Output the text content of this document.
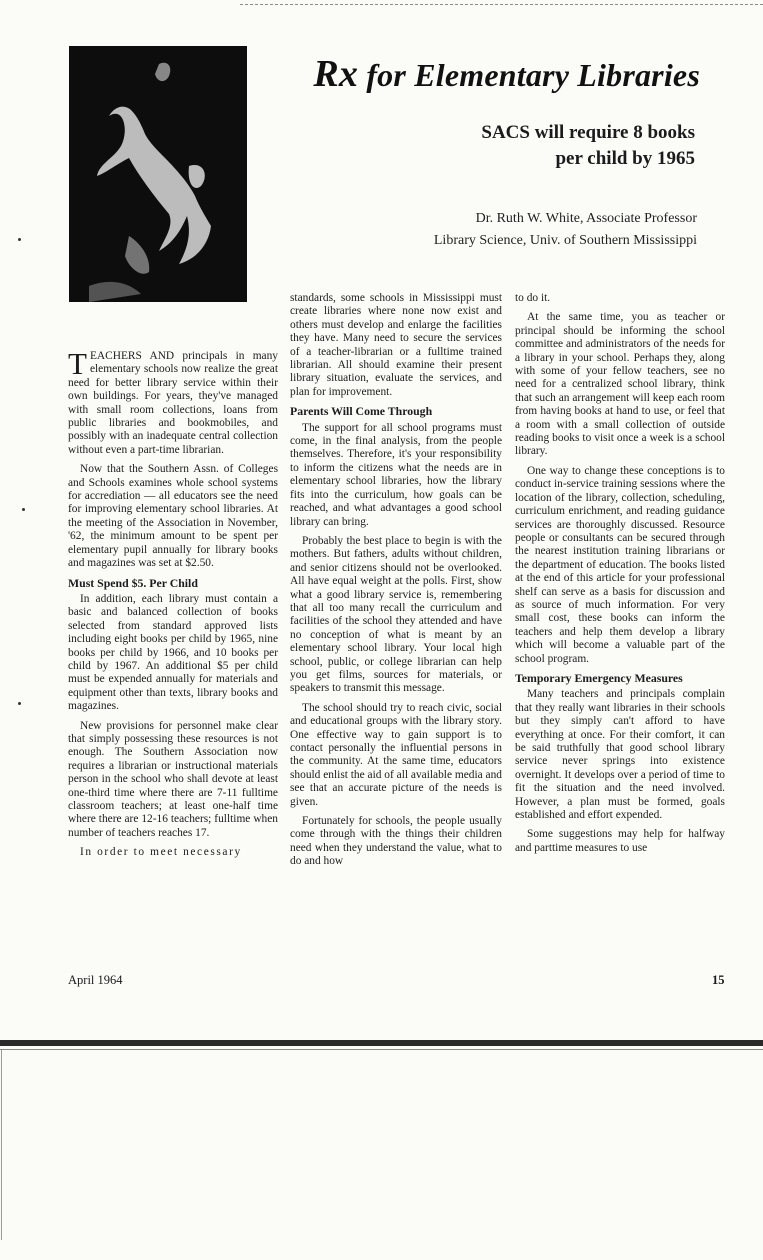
Rx for Elementary Libraries
SACS will require 8 books
per child by 1965
Dr. Ruth W. White, Associate Professor
Library Science, Univ. of Southern Mississippi

TEACHERS AND principals in many elementary schools now realize the great need for better library service within their own buildings. For years, they've managed with small room collections, loans from public libraries and bookmobiles, and possibly with an inadequate central collection without even a part-time librarian.

Now that the Southern Assn. of Colleges and Schools examines whole school systems for accrediation — all educators see the need for improving elementary school libraries. At the meeting of the Association in November, '62, the minimum amount to be spent per elementary pupil annually for library books and magazines was set at $2.50.

Must Spend $5. Per Child

In addition, each library must contain a basic and balanced collection of books selected from standard approved lists including eight books per child by 1965, nine books per child by 1966, and 10 books per child by 1967. An additional $5 per child must be expended annually for materials and equipment other than texts, library books and magazines.

New provisions for personnel make clear that simply possessing these resources is not enough. The Southern Association now requires a librarian or instructional materials person in the school who shall devote at least one-third time where there are 7-11 fulltime classroom teachers; at least one-half time where there are 12-16 teachers; fulltime when number of teachers reaches 17.

In order to meet necessary

standards, some schools in Mississippi must create libraries where none now exist and others must develop and enlarge the facilities they have. Many need to secure the services of a teacher-librarian or a fulltime trained librarian. All should examine their present library situation, evaluate the services, and plan for improvement.

Parents Will Come Through

The support for all school programs must come, in the final analysis, from the people themselves. Therefore, it's your responsibility to inform the citizens what the needs are in elementary school libraries, how the library fits into the curriculum, how goals can be reached, and what advantages a good school library can bring.

Probably the best place to begin is with the mothers. But fathers, adults without children, and senior citizens should not be overlooked. All have equal weight at the polls. First, show what a good library service is, remembering that all too many recall the curriculum and facilities of the school they attended and have no conception of what is meant by an elementary school library. Your local high school, public, or college librarian can help you get films, sources for materials, or speakers to transmit this message.

The school should try to reach civic, social and educational groups with the library story. One effective way to gain support is to contact personally the influential persons in the community. At the same time, educators should enlist the aid of all available media and see that an accurate picture of the needs is given.

Fortunately for schools, the people usually come through with the things their children need when they understand the value, what to do and how

to do it.

At the same time, you as teacher or principal should be informing the school committee and administrators of the needs for a library in your school. Perhaps they, along with some of your fellow teachers, see no need for a centralized school library, think that such an arrangement will keep each room from having books at hand to use, or feel that a room with a small collection of outside reading books to visit once a week is a school library.

One way to change these conceptions is to conduct in-service training sessions where the location of the library, collection, scheduling, curriculum enrichment, and reading guidance services are thoroughly discussed. Resource people or consultants can be secured through the nearest institution training librarians or the department of education. The books listed at the end of this article for your professional shelf can serve as a basis for discussion and as source of much information. For very small cost, these books can inform the teachers and help them develop a library which will become a valuable part of the school program.

Temporary Emergency Measures

Many teachers and principals complain that they really want libraries in their schools but they simply can't afford to have everything at once. For their comfort, it can be said truthfully that good school library service never springs into existence overnight. It develops over a period of time to fit the situation and the need involved. However, a plan must be formed, goals established and effort expended.

Some suggestions may help for halfway and parttime measures to use

April 1964	15
